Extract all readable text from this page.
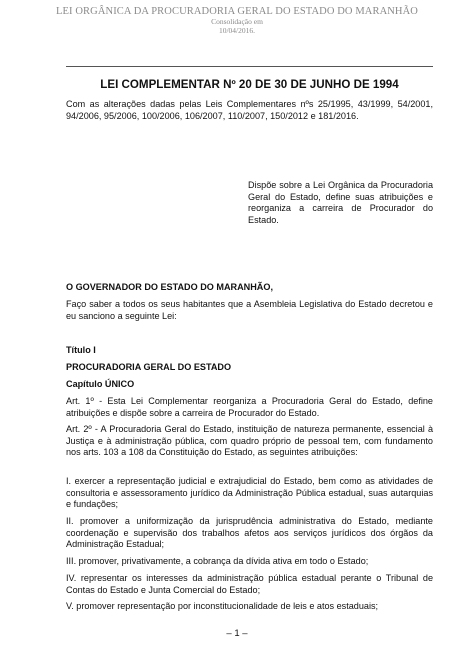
LEI ORGÂNICA DA PROCURADORIA GERAL DO ESTADO DO MARANHÃO
Consolidação em
10/04/2016.
LEI COMPLEMENTAR Nº 20 DE 30 DE JUNHO DE 1994
Com as alterações dadas pelas Leis Complementares nºs 25/1995, 43/1999, 54/2001, 94/2006, 95/2006, 100/2006, 106/2007, 110/2007, 150/2012 e 181/2016.
Dispõe sobre a Lei Orgânica da Procuradoria Geral do Estado, define suas atribuições e reorganiza a carreira de Procurador do Estado.
O GOVERNADOR DO ESTADO DO MARANHÃO,
Faço saber a todos os seus habitantes que a Asembleia Legislativa do Estado decretou e eu sanciono a seguinte Lei:
Título I
PROCURADORIA GERAL DO ESTADO
Capítulo ÚNICO
Art. 1º - Esta Lei Complementar reorganiza a Procuradoria Geral do Estado, define atribuições e dispõe sobre a carreira de Procurador do Estado.
Art. 2º - A Procuradoria Geral do Estado, instituição de natureza permanente, essencial à Justiça e à administração pública, com quadro próprio de pessoal tem, com fundamento nos arts. 103 a 108 da Constituição do Estado, as seguintes atribuições:
I. exercer a representação judicial e extrajudicial do Estado, bem como as atividades de consultoria e assessoramento jurídico da Administração Pública estadual, suas autarquias e fundações;
II. promover a uniformização da jurisprudência administrativa do Estado, mediante coordenação e supervisão dos trabalhos afetos aos serviços jurídicos dos órgãos da Administração Estadual;
III. promover, privativamente, a cobrança da dívida ativa em todo o Estado;
IV. representar os interesses da administração pública estadual perante o Tribunal de Contas do Estado e Junta Comercial do Estado;
V. promover representação por inconstitucionalidade de leis e atos estaduais;
– 1 –
